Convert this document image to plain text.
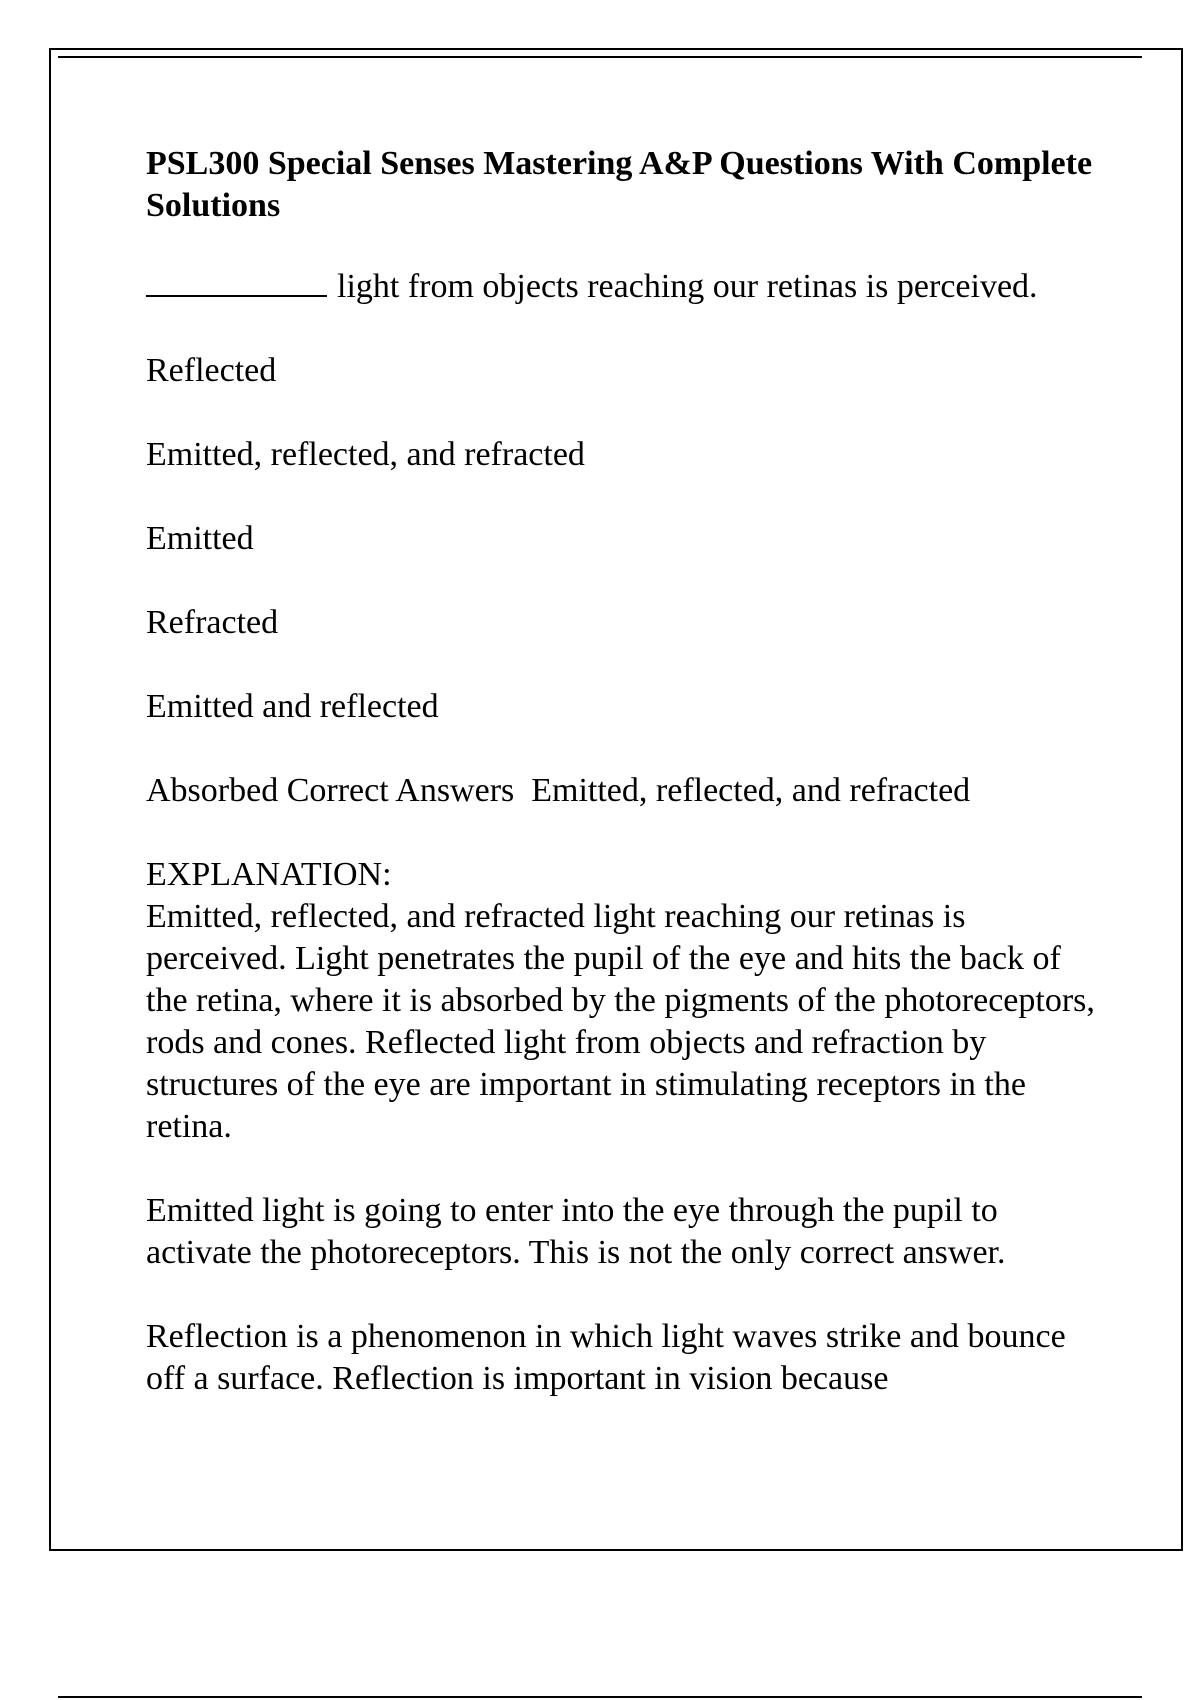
PSL300 Special Senses Mastering A&P Questions With Complete Solutions
light from objects reaching our retinas is perceived.
Reflected
Emitted, reflected, and refracted
Emitted
Refracted
Emitted and reflected
Absorbed Correct Answers  Emitted, reflected, and refracted
EXPLANATION:
Emitted, reflected, and refracted light reaching our retinas is perceived. Light penetrates the pupil of the eye and hits the back of the retina, where it is absorbed by the pigments of the photoreceptors, rods and cones. Reflected light from objects and refraction by structures of the eye are important in stimulating receptors in the retina.
Emitted light is going to enter into the eye through the pupil to activate the photoreceptors. This is not the only correct answer.
Reflection is a phenomenon in which light waves strike and bounce off a surface. Reflection is important in vision because
